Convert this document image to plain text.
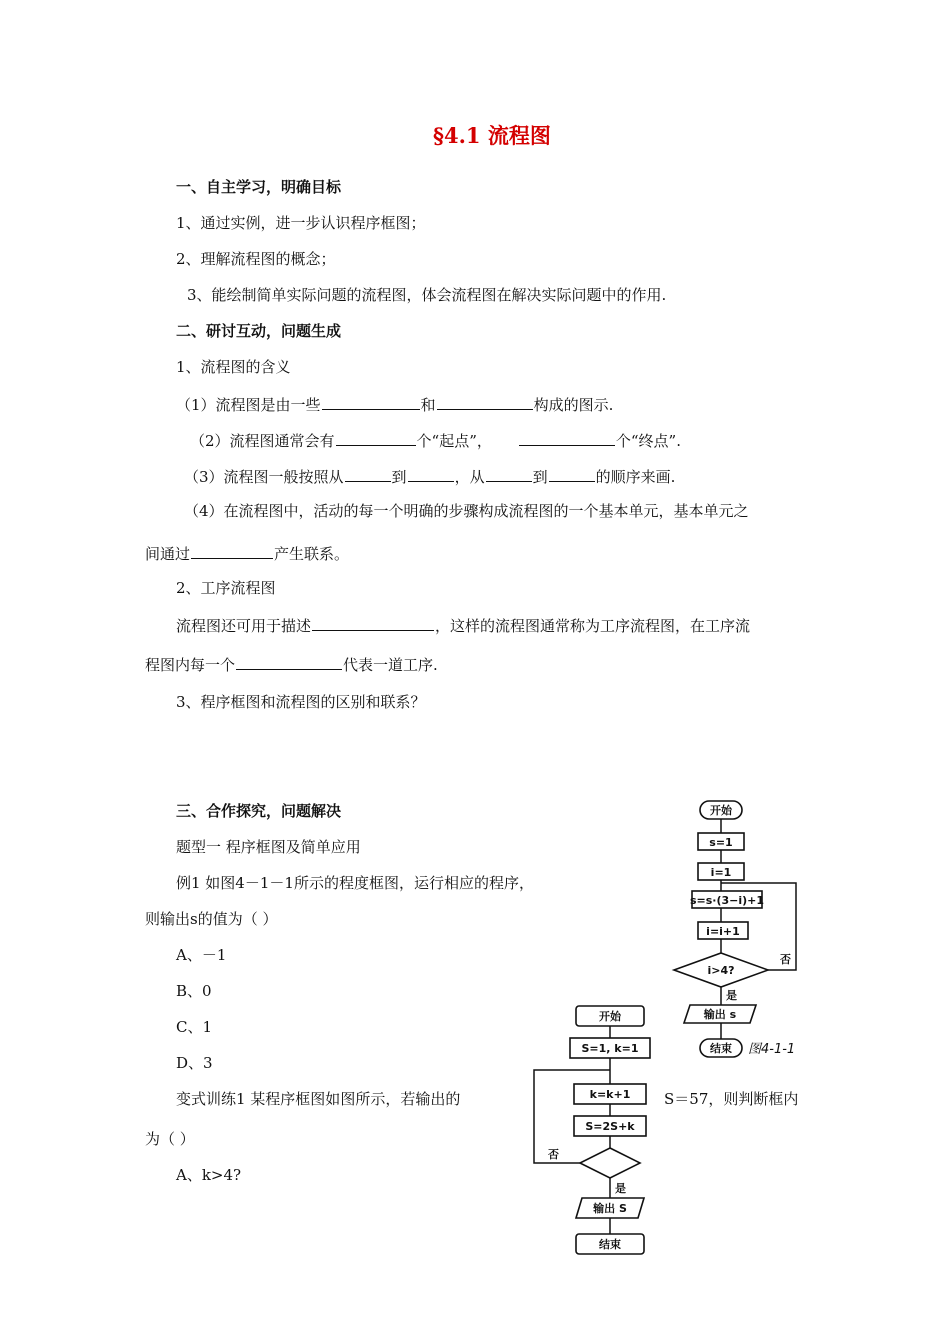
§4.1 流程图
一、自主学习，明确目标
1、通过实例，进一步认识程序框图；
2、理解流程图的概念；
3、能绘制简单实际问题的流程图，体会流程图在解决实际问题中的作用.
二、研讨互动，问题生成
1、流程图的含义
（1）流程图是由一些	和	构成的图示.
（2）流程图通常会有	个“起点”，	个“终点”.
（3）流程图一般按照从	到	，从	到	的顺序来画.
（4）在流程图中，活动的每一个明确的步骤构成流程图的一个基本单元，基本单元之
间通过	产生联系。
2、工序流程图
流程图还可用于描述	，这样的流程图通常称为工序流程图，在工序流
程图内每一个	代表一道工序.
3、程序框图和流程图的区别和联系？
三、合作探究，问题解决
题型一 程序框图及简单应用
例1 如图4－1－1所示的程度框图，运行相应的程序，
则输出s的值为（ ）
A、－1
B、0
C、1
D、3
变式训练1 某程序框图如图所示，若输出的	S＝57，则判断框内
为（ ）
A、k>4?
开始
s=1
i=1
s=s·(3−i)+1
i=i+1
i>4?
否
是
输出 s
结束 图4-1-1
开始
S=1, k=1
k=k+1
S=2S+k
否
是
输出 S
结束
